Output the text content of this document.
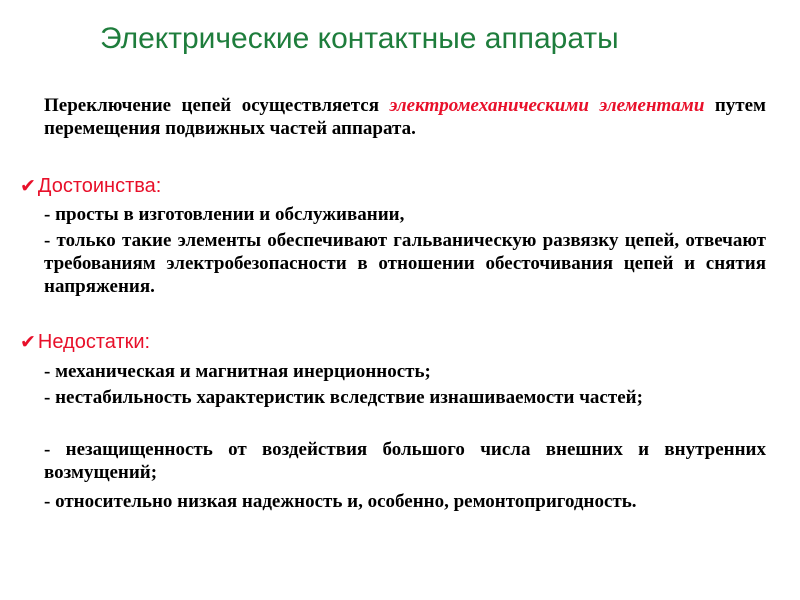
Электрические контактные аппараты
Переключение цепей осуществляется электромеханическими элементами путем перемещения подвижных частей аппарата.
✔ Достоинства:
- просты в изготовлении и обслуживании,
- только такие элементы обеспечивают гальваническую развязку цепей, отвечают требованиям электробезопасности в отношении обесточивания цепей и снятия напряжения.
✔ Недостатки:
- механическая и магнитная инерционность;
- нестабильность характеристик вследствие изнашиваемости частей;
- незащищенность от воздействия большого числа внешних и внутренних возмущений;
- относительно низкая надежность и, особенно, ремонтопригодность.
